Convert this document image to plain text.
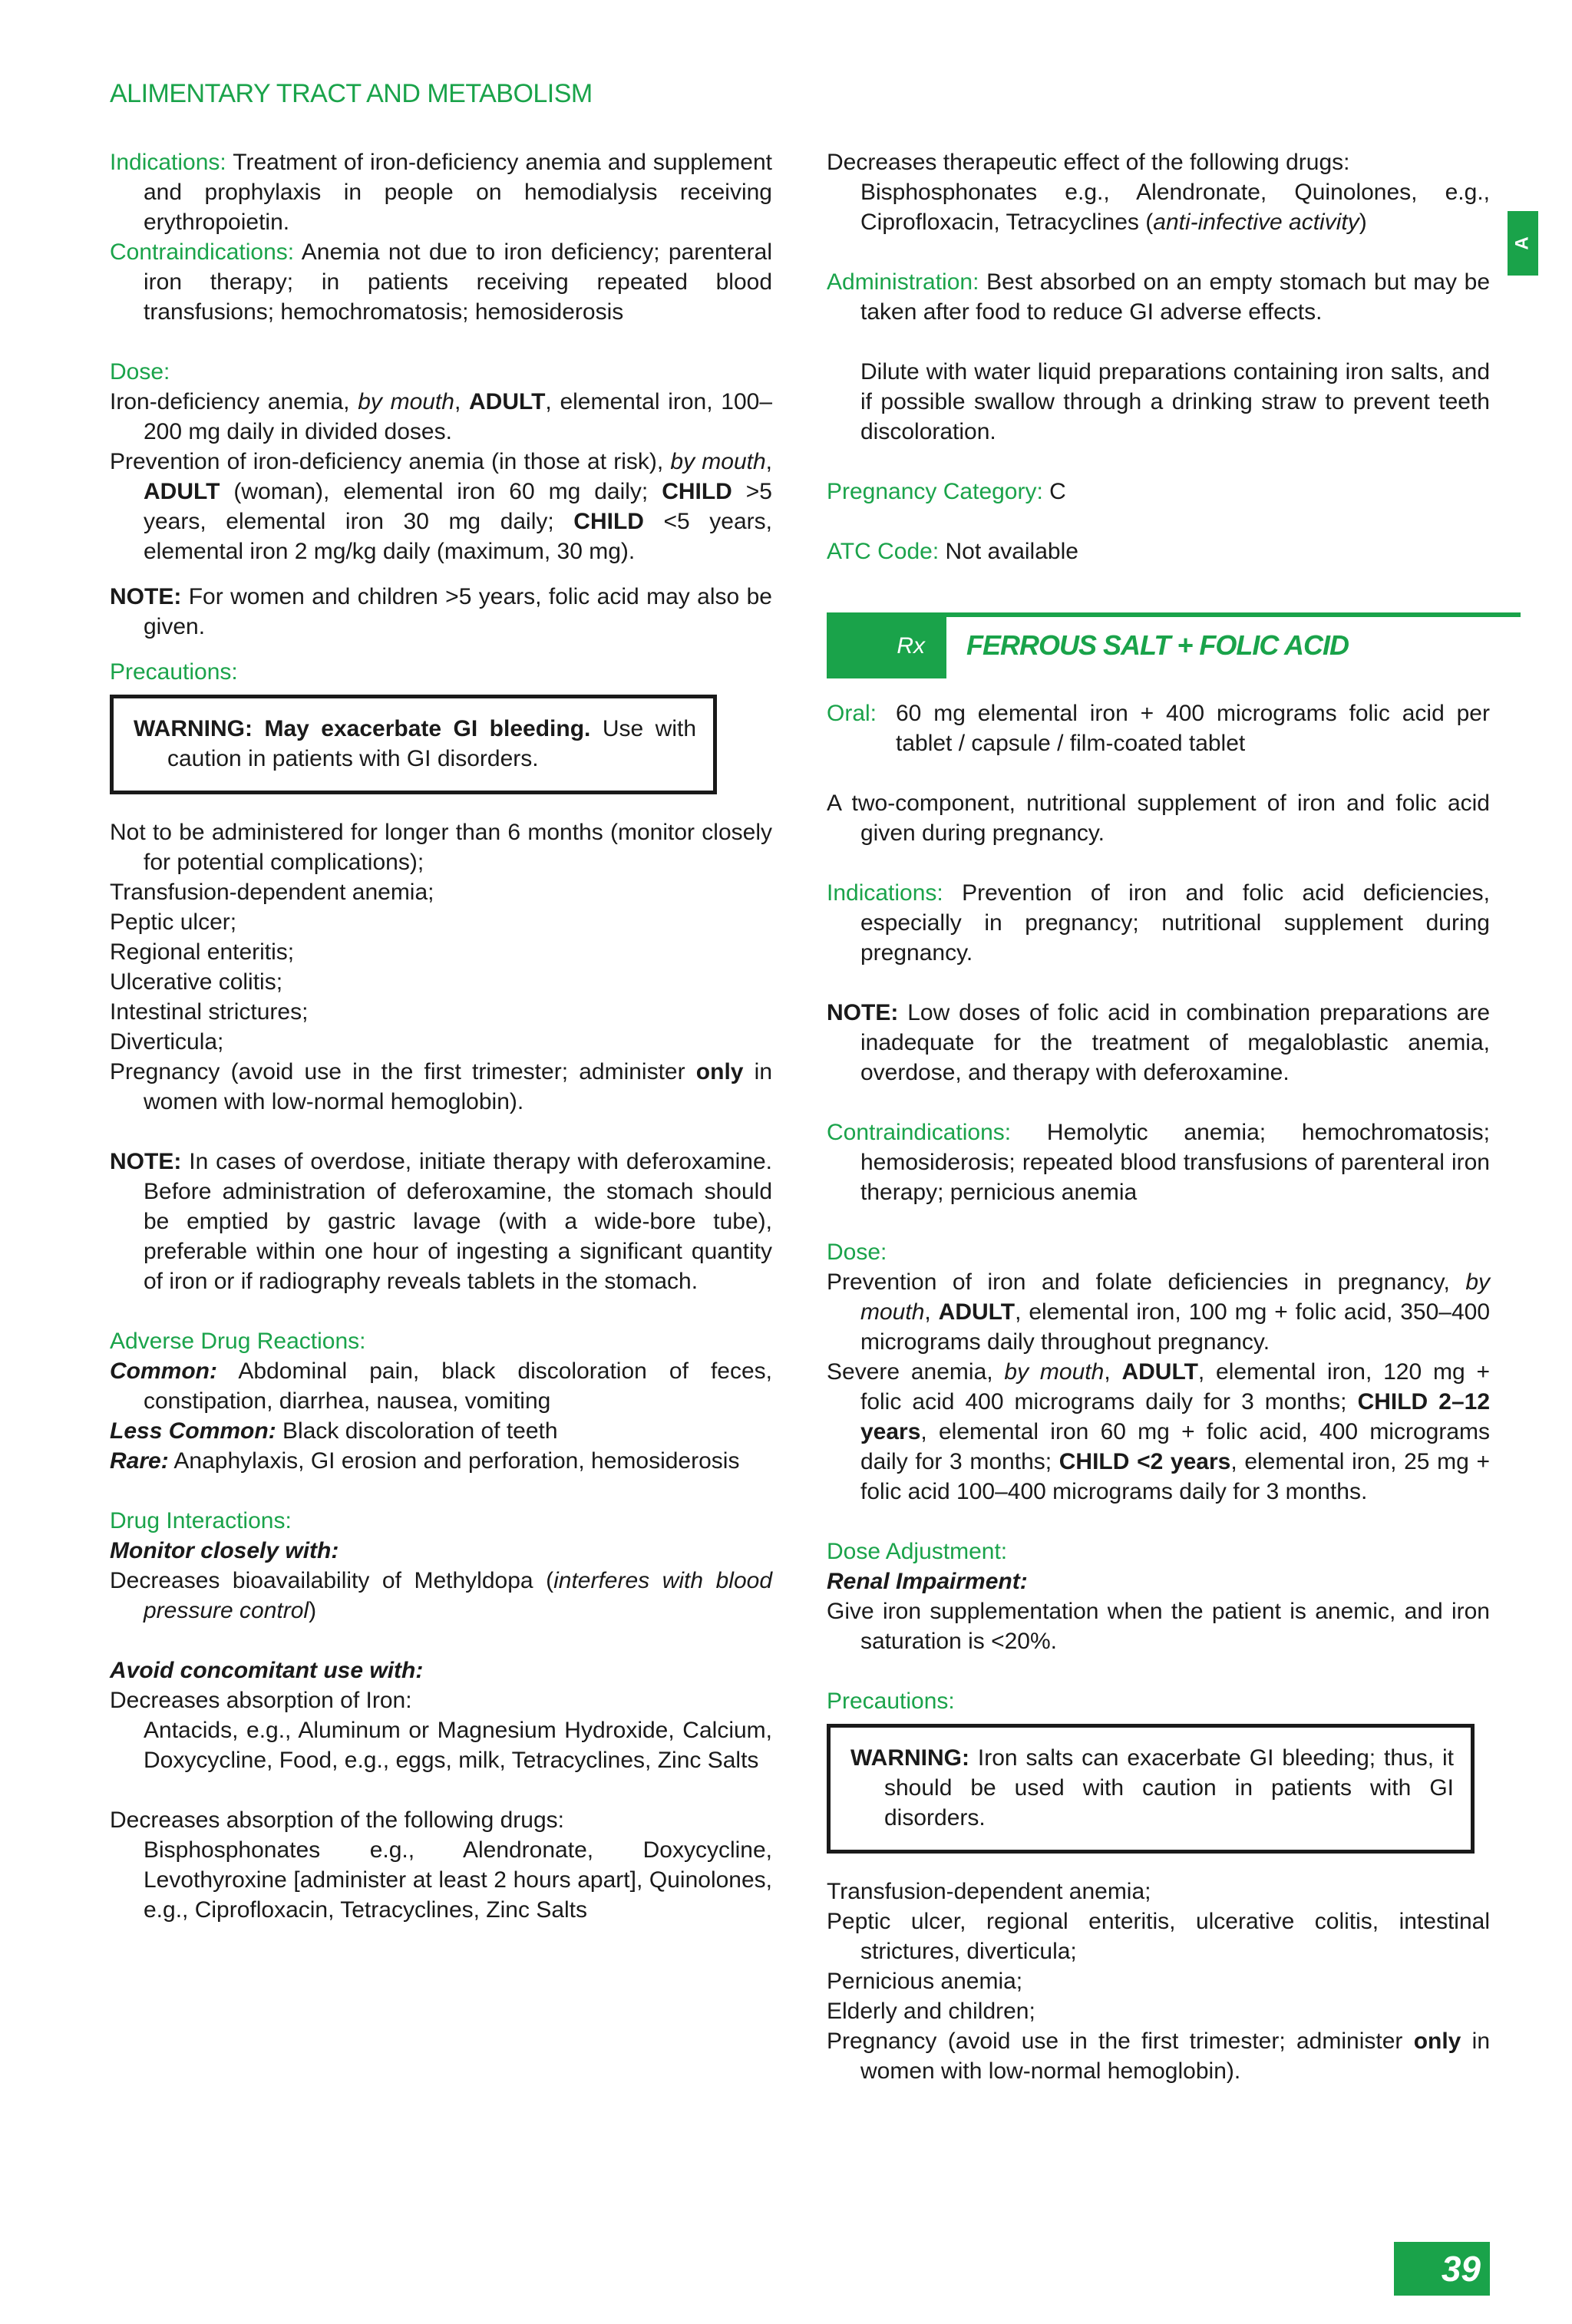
ALIMENTARY TRACT AND METABOLISM
A

Indications: Treatment of iron-deficiency anemia and supplement and prophylaxis in people on hemodialysis receiving erythropoietin.

Contraindications: Anemia not due to iron deficiency; parenteral iron therapy; in patients receiving repeated blood transfusions; hemochromatosis; hemosiderosis

Dose:

Iron-deficiency anemia, by mouth, ADULT, elemental iron, 100–200 mg daily in divided doses.

Prevention of iron-deficiency anemia (in those at risk), by mouth, ADULT (woman), elemental iron 60 mg daily; CHILD >5 years, elemental iron 30 mg daily; CHILD <5 years, elemental iron 2 mg/kg daily (maximum, 30 mg).

NOTE: For women and children >5 years, folic acid may also be given.

Precautions:

WARNING: May exacerbate GI bleeding. Use with caution in patients with GI disorders.

Not to be administered for longer than 6 months (monitor closely for potential complications);

Transfusion-dependent anemia;

Peptic ulcer;

Regional enteritis;

Ulcerative colitis;

Intestinal strictures;

Diverticula;

Pregnancy (avoid use in the first trimester; administer only in women with low-normal hemoglobin).

NOTE: In cases of overdose, initiate therapy with deferoxamine. Before administration of deferoxamine, the stomach should be emptied by gastric lavage (with a wide-bore tube), preferable within one hour of ingesting a significant quantity of iron or if radiography reveals tablets in the stomach.

Adverse Drug Reactions:

Common: Abdominal pain, black discoloration of feces, constipation, diarrhea, nausea, vomiting

Less Common: Black discoloration of teeth

Rare: Anaphylaxis, GI erosion and perforation, hemosiderosis

Drug Interactions:

Monitor closely with:

Decreases bioavailability of Methyldopa (interferes with blood pressure control)

Avoid concomitant use with:

Decreases absorption of Iron:

Antacids, e.g., Aluminum or Magnesium Hydroxide, Calcium, Doxycycline, Food, e.g., eggs, milk, Tetracyclines, Zinc Salts

Decreases absorption of the following drugs:

Bisphosphonates e.g., Alendronate, Doxycycline, Levothyroxine [administer at least 2 hours apart], Quinolones, e.g., Ciprofloxacin, Tetracyclines, Zinc Salts

Decreases therapeutic effect of the following drugs:

Bisphosphonates e.g., Alendronate, Quinolones, e.g., Ciprofloxacin, Tetracyclines (anti-infective activity)

Administration: Best absorbed on an empty stomach but may be taken after food to reduce GI adverse effects.

Dilute with water liquid preparations containing iron salts, and if possible swallow through a drinking straw to prevent teeth discoloration.

Pregnancy Category: C

ATC Code: Not available

Rx	FERROUS SALT + FOLIC ACID
Oral: 60 mg elemental iron + 400 micrograms folic acid per tablet / capsule / film-coated tablet

A two-component, nutritional supplement of iron and folic acid given during pregnancy.

Indications: Prevention of iron and folic acid deficiencies, especially in pregnancy; nutritional supplement during pregnancy.

NOTE: Low doses of folic acid in combination preparations are inadequate for the treatment of megaloblastic anemia, overdose, and therapy with deferoxamine.

Contraindications: Hemolytic anemia; hemochromatosis; hemosiderosis; repeated blood transfusions of parenteral iron therapy; pernicious anemia

Dose:

Prevention of iron and folate deficiencies in pregnancy, by mouth, ADULT, elemental iron, 100 mg + folic acid, 350–400 micrograms daily throughout pregnancy.

Severe anemia, by mouth, ADULT, elemental iron, 120 mg + folic acid 400 micrograms daily for 3 months; CHILD 2–12 years, elemental iron 60 mg + folic acid, 400 micrograms daily for 3 months; CHILD <2 years, elemental iron, 25 mg + folic acid 100–400 micrograms daily for 3 months.

Dose Adjustment:

Renal Impairment:

Give iron supplementation when the patient is anemic, and iron saturation is <20%.

Precautions:

WARNING: Iron salts can exacerbate GI bleeding; thus, it should be used with caution in patients with GI disorders.

Transfusion-dependent anemia;

Peptic ulcer, regional enteritis, ulcerative colitis, intestinal strictures, diverticula;

Pernicious anemia;

Elderly and children;

Pregnancy (avoid use in the first trimester; administer only in women with low-normal hemoglobin).

39
